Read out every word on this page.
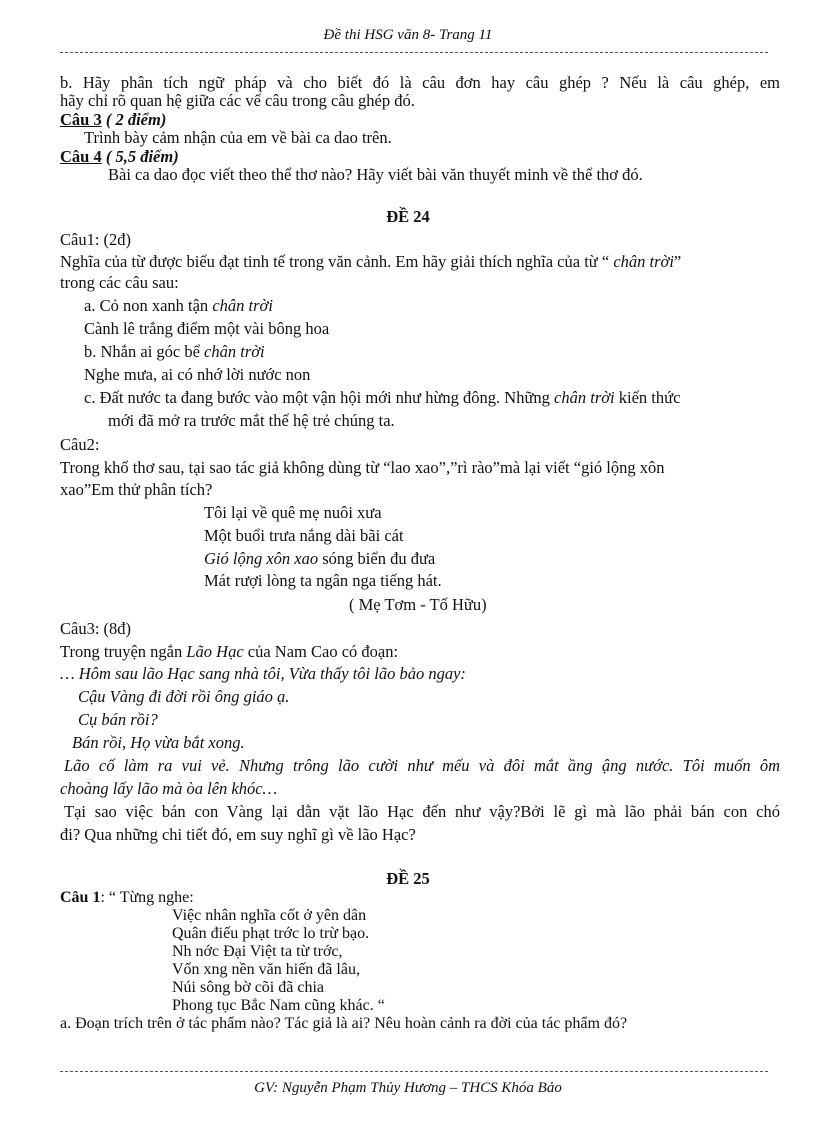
Đề thi HSG văn 8- Trang 11
b. Hãy phân tích ngữ pháp và cho biết đó là câu đơn hay câu ghép ? Nếu là câu ghép, em
hãy chỉ rõ quan hệ giữa các vế câu trong câu ghép đó.
Câu 3 ( 2 điểm)
Trình bày cảm nhận của em về bài ca dao trên.
Câu 4 ( 5,5 điểm)
Bài ca dao đọc viết theo thể thơ nào? Hãy viết bài văn thuyết minh về thể thơ đó.
ĐỀ 24
Câu1: (2đ)
Nghĩa của từ được biểu đạt tinh tế trong văn cảnh. Em hãy giải thích nghĩa của từ “ chân trời”
trong các câu sau:
a. Cỏ non xanh tận chân trời
Cành lê trắng điểm một vài bông hoa
b. Nhắn ai góc bể chân trời
Nghe mưa, ai có nhớ lời nước non
c. Đất nước ta đang bước vào một vận hội mới như hừng đông. Những chân trời kiến thức
mới đã mở ra trước mắt thế hệ trẻ chúng ta.
Câu2:
Trong khổ thơ sau, tại sao tác giả không dùng từ “lao xao”,”rì rào”mà lại viết “gió lộng xôn
xao”Em thử phân tích?
Tôi lại về quê mẹ nuôi xưa
Một buổi trưa nắng dài bãi cát
Gió lộng xôn xao sóng biển đu đưa
Mát rượi lòng ta ngân nga tiếng hát.
( Mẹ Tơm - Tố Hữu)
Câu3: (8đ)
Trong truyện ngắn Lão Hạc của Nam Cao có đoạn:
… Hôm sau lão Hạc sang nhà tôi, Vừa thấy tôi lão bảo ngay:
Cậu Vàng đi đời rồi ông giáo ạ.
Cụ bán rồi?
Bán rồi, Họ vừa bắt xong.
Lão cố làm ra vui vẻ. Nhưng trông lão cười như mếu và đôi mắt ầng ậng nước. Tôi muốn ôm
choàng lấy lão mà òa lên khóc…
Tại sao việc bán con Vàng lại dằn vặt lão Hạc đến như vậy?Bởi lẽ gì mà lão phải bán con chó
đi? Qua những chi tiết đó, em suy nghĩ gì về lão Hạc?
ĐỀ 25
Câu 1: “ Từng nghe:
Việc nhân nghĩa cốt ở yên dân
Quân điếu phạt trớc lo trừ bạo.
Nh nớc Đại Việt ta từ trớc,
Vốn xng nền văn hiến đã lâu,
Núi sông bờ cõi đã chia
Phong tục Bắc Nam cũng khác. “
a. Đoạn trích trên ở tác phẩm nào? Tác giả là ai? Nêu hoàn cảnh ra đời của tác phẩm đó?
GV: Nguyễn Phạm Thủy Hương – THCS Khóa Bảo
